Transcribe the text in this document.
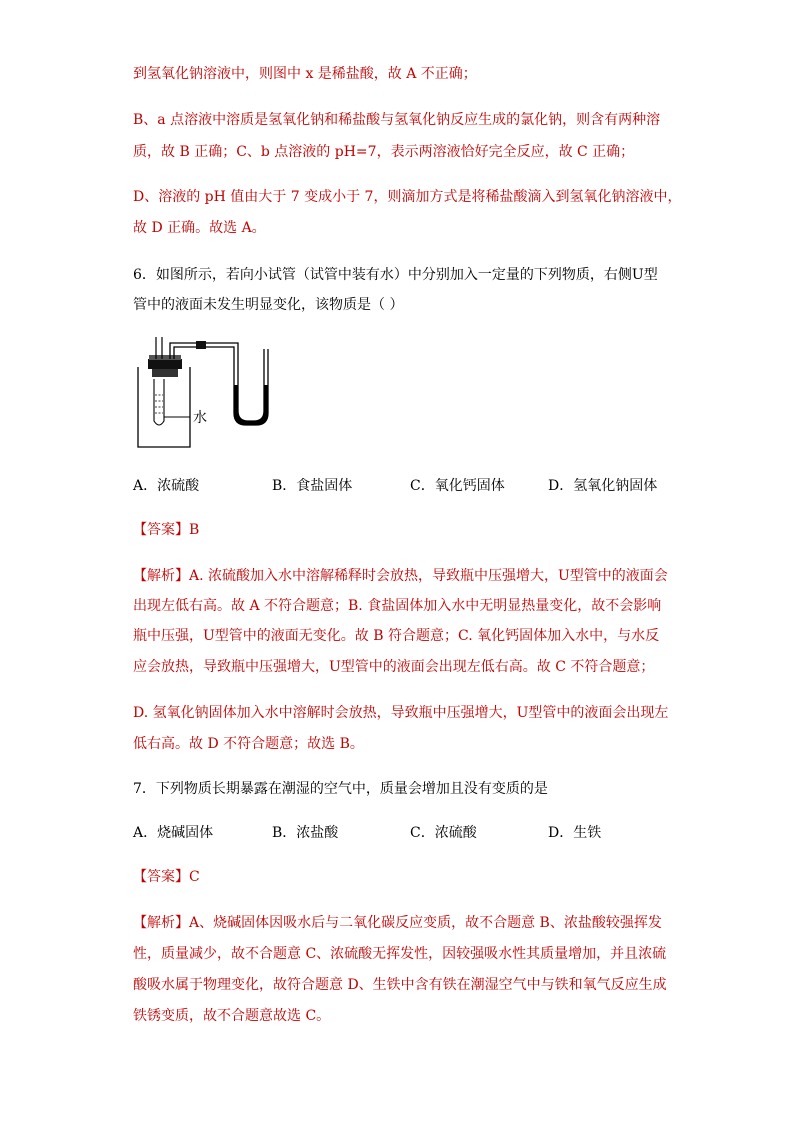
到氢氧化钠溶液中，则图中 x 是稀盐酸，故 A 不正确；
B、a 点溶液中溶质是氢氧化钠和稀盐酸与氢氧化钠反应生成的氯化钠，则含有两种溶
质，故 B 正确；C、b 点溶液的 pH=7，表示两溶液恰好完全反应，故 C 正确；
D、溶液的 pH 值由大于 7 变成小于 7，则滴加方式是将稀盐酸滴入到氢氧化钠溶液中，
故 D 正确。故选 A。
6．如图所示，若向小试管（试管中装有水）中分别加入一定量的下列物质，右侧U型
管中的液面未发生明显变化，该物质是（ ）
水
A．浓硫酸	B．食盐固体	C．氧化钙固体	D．氢氧化钠固体
【答案】B
【解析】A. 浓硫酸加入水中溶解稀释时会放热，导致瓶中压强增大，U型管中的液面会
出现左低右高。故 A 不符合题意；B. 食盐固体加入水中无明显热量变化，故不会影响
瓶中压强，U型管中的液面无变化。故 B 符合题意；C. 氧化钙固体加入水中，与水反
应会放热，导致瓶中压强增大，U型管中的液面会出现左低右高。故 C 不符合题意；
D. 氢氧化钠固体加入水中溶解时会放热，导致瓶中压强增大，U型管中的液面会出现左
低右高。故 D 不符合题意；故选 B。
7．下列物质长期暴露在潮湿的空气中，质量会增加且没有变质的是
A．烧碱固体	B．浓盐酸	C．浓硫酸	D．生铁
【答案】C
【解析】A、烧碱固体因吸水后与二氧化碳反应变质，故不合题意 B、浓盐酸较强挥发
性，质量减少，故不合题意 C、浓硫酸无挥发性，因较强吸水性其质量增加，并且浓硫
酸吸水属于物理变化，故符合题意 D、生铁中含有铁在潮湿空气中与铁和氧气反应生成
铁锈变质，故不合题意故选 C。
